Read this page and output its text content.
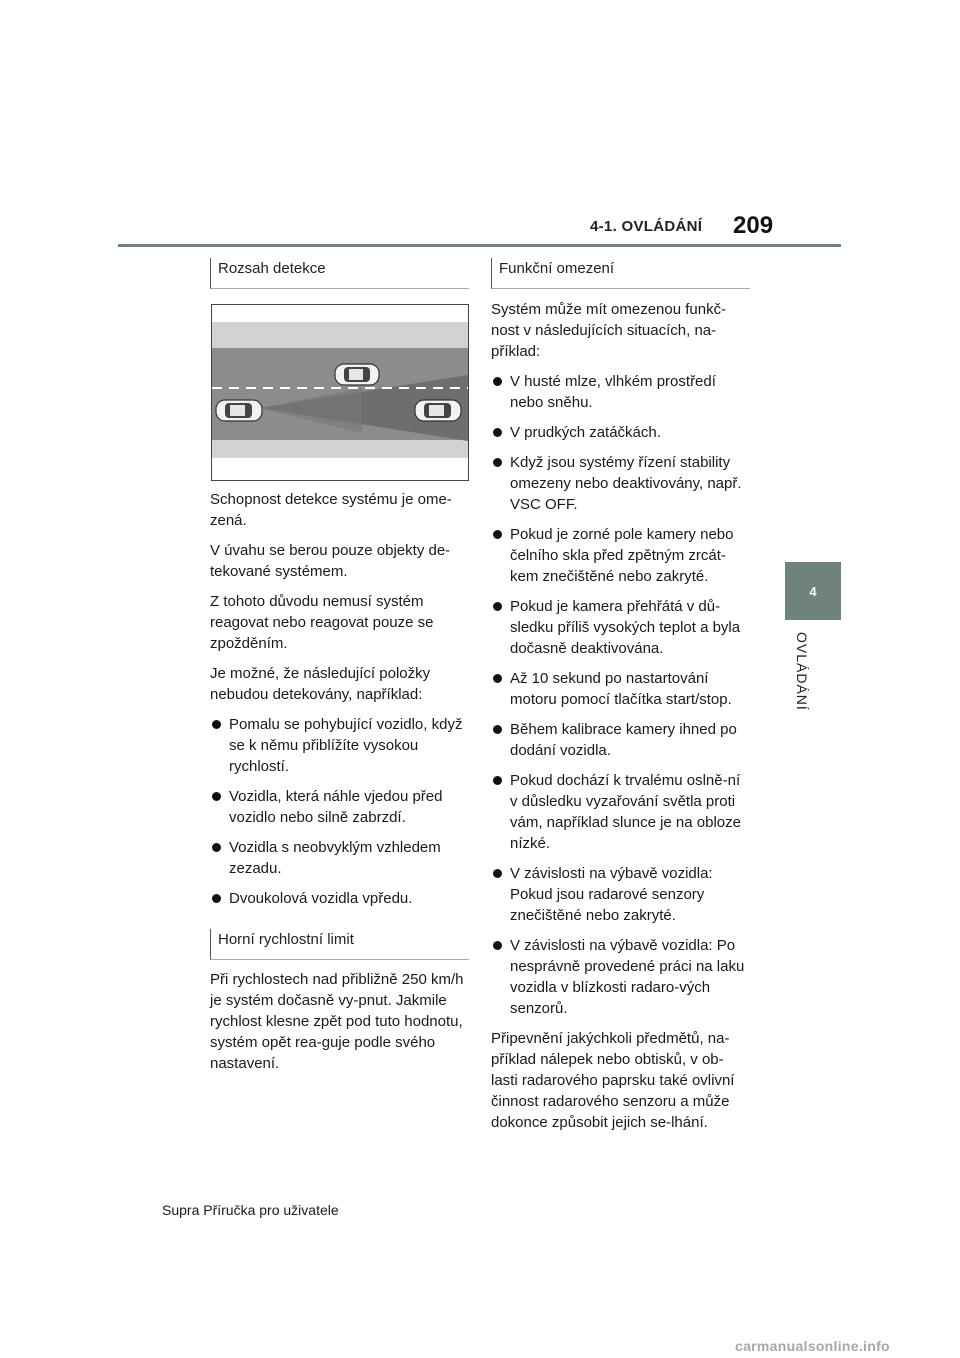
4-1. OVLÁDÁNÍ 209
4
OVLÁDÁNÍ
Rozsah detekce

Schopnost detekce systému je ome-zená.

V úvahu se berou pouze objekty de-tekované systémem.

Z tohoto důvodu nemusí systém reagovat nebo reagovat pouze se zpožděním.

Je možné, že následující položky nebudou detekovány, například:

Pomalu se pohybující vozidlo, když se k němu přiblížíte vysokou rychlostí.
Vozidla, která náhle vjedou před vozidlo nebo silně zabrzdí.
Vozidla s neobvyklým vzhledem zezadu.
Dvoukolová vozidla vpředu.
Horní rychlostní limit

Při rychlostech nad přibližně 250 km/h je systém dočasně vy-pnut. Jakmile rychlost klesne zpět pod tuto hodnotu, systém opět rea-guje podle svého nastavení.

Funkční omezení

Systém může mít omezenou funkč-nost v následujících situacích, na-příklad:

V husté mlze, vlhkém prostředí nebo sněhu.
V prudkých zatáčkách.
Když jsou systémy řízení stability omezeny nebo deaktivovány, např. VSC OFF.
Pokud je zorné pole kamery nebo čelního skla před zpětným zrcát-kem znečištěné nebo zakryté.
Pokud je kamera přehřátá v dů-sledku příliš vysokých teplot a byla dočasně deaktivována.
Až 10 sekund po nastartování motoru pomocí tlačítka start/stop.
Během kalibrace kamery ihned po dodání vozidla.
Pokud dochází k trvalému oslně-ní v důsledku vyzařování světla proti vám, například slunce je na obloze nízké.
V závislosti na výbavě vozidla: Pokud jsou radarové senzory znečištěné nebo zakryté.
V závislosti na výbavě vozidla: Po nesprávně provedené práci na laku vozidla v blízkosti radaro-vých senzorů.

Připevnění jakýchkoli předmětů, na-příklad nálepek nebo obtisků, v ob-lasti radarového paprsku také ovlivní činnost radarového senzoru a může dokonce způsobit jejich se-lhání.

Supra Příručka pro uživatele
carmanualsonline.info
